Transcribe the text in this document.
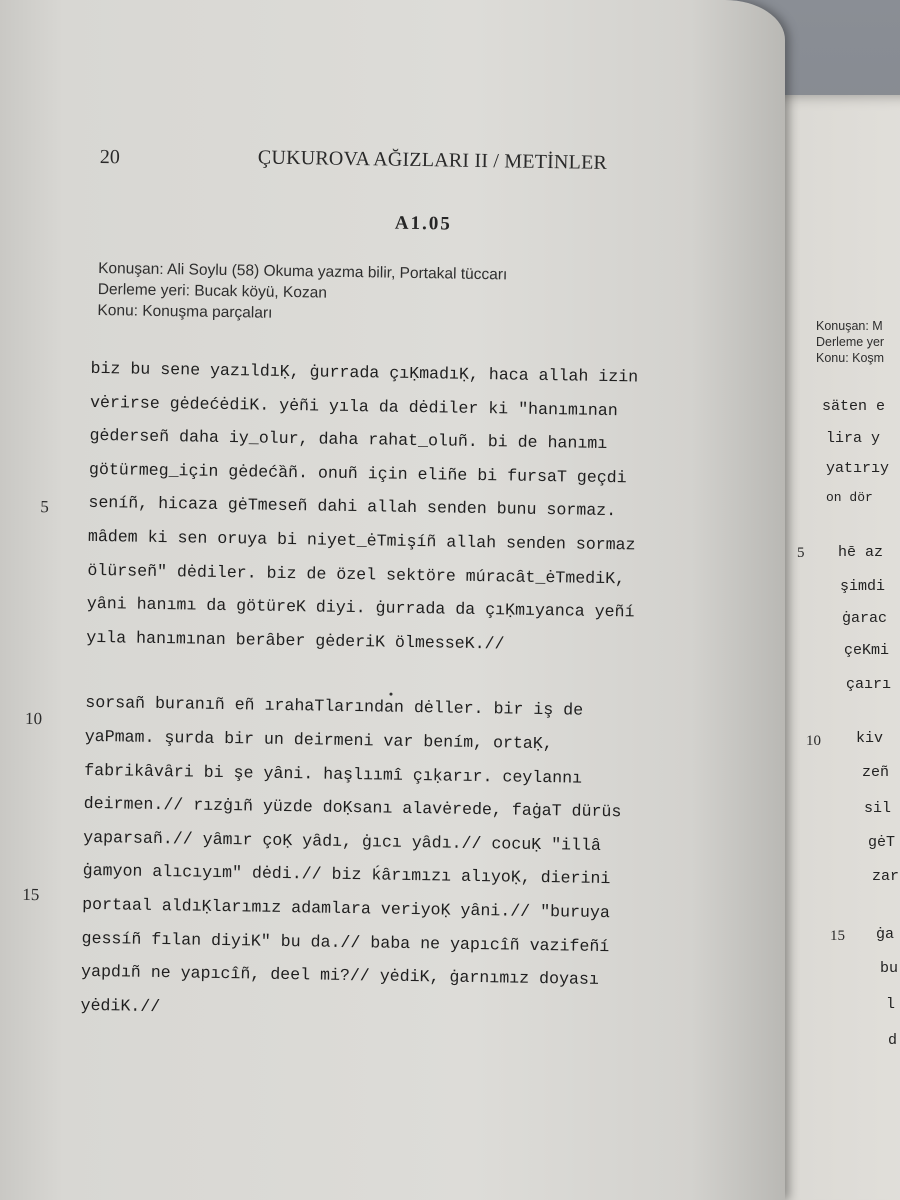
Konuşan: M
Derleme yer
Konu: Koşm
säten e
lira y
yatırıy
on dör
5 hē az
şimdi
ġarac
çeKmi
çaırı
10 kiv
zeñ
sil
gėT
zar
15 ġa
bu
l
d
20	ÇUKUROVA AĞIZLARI II / METİNLER
A1.05
Konuşan: Ali Soylu (58) Okuma yazma bilir, Portakal tüccarı
Derleme yeri: Bucak köyü, Kozan
Konu: Konuşma parçaları
5
10
15
biz bu sene yazıldıḲ, ġurrada çıḲmadıḲ, haca allah izin
vėrirse gėdećėdiK. yėñi yıla da dėdiler ki "hanımınan
gėderseñ daha iy_olur, daha rahat_oluñ. bi de hanımı
götürmeg_için gėdećȁñ. onuñ için eliñe bi fursaT geçdi
seníñ, hicaza gėTmeseñ dahi allah senden bunu sormaz.
mȃdem ki sen oruya bi niyet_ėTmişíñ allah senden sormaz
ölürseñ" dėdiler. biz de özel sektöre múracȃt_ėTmediK,
yȃni hanımı da götüreK diyi. ġurrada da çıḲmıyanca yeñí
yıla hanımınan berȃber gėderiK ölmesseK.//
sorsañ buranıñ eñ ırahaTlarından dėller. bir iş de
yaPmam. şurda bir un deirmeni var bením, ortaḲ,
fabrikȃvȃri bi şe yȃni. haşlıımî çıḳarır. ceylannı
deirmen.// rızġıñ yüzde doḲsanı alavėrede, faġaT dürüs
yaparsañ.// yȃmır çoḲ yȃdı, ġıcı yȃdı.// cocuḲ "illȃ
ġamyon alıcıyım" dėdi.// biz ḱȃrımızı alıyoḲ, dierini
portaal aldıḲlarımız adamlara veriyoḲ yȃni.// "buruya
gessíñ fılan diyiK" bu da.// baba ne yapıcîñ vazifeñí
yapdıñ ne yapıcîñ, deel mi?// yėdiK, ġarnımız doyası
yėdiK.//
